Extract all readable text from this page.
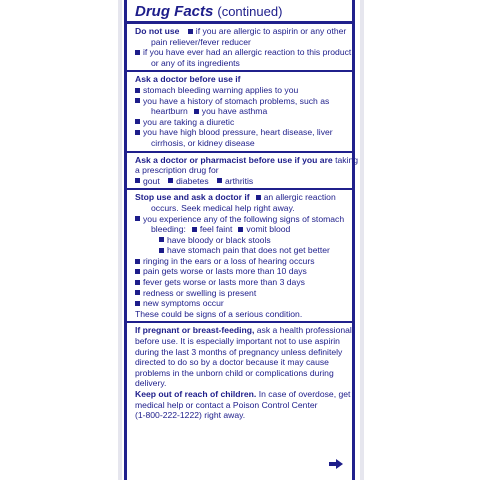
Drug Facts (continued)
Do not use if you are allergic to aspirin or any other
pain reliever/fever reducer
if you have ever had an allergic reaction to this product
or any of its ingredients
Ask a doctor before use if
stomach bleeding warning applies to you
you have a history of stomach problems, such as
heartburn you have asthma
you are taking a diuretic
you have high blood pressure, heart disease, liver
cirrhosis, or kidney disease
Ask a doctor or pharmacist before use if you are taking
a prescription drug for
gout diabetes arthritis
Stop use and ask a doctor if an allergic reaction
occurs. Seek medical help right away.
you experience any of the following signs of stomach
bleeding: feel faint vomit blood
have bloody or black stools
have stomach pain that does not get better
ringing in the ears or a loss of hearing occurs
pain gets worse or lasts more than 10 days
fever gets worse or lasts more than 3 days
redness or swelling is present
new symptoms occur
These could be signs of a serious condition.
If pregnant or breast-feeding, ask a health professional
before use. It is especially important not to use aspirin
during the last 3 months of pregnancy unless definitely
directed to do so by a doctor because it may cause
problems in the unborn child or complications during
delivery.
Keep out of reach of children. In case of overdose, get
medical help or contact a Poison Control Center
(1-800-222-1222) right away.
